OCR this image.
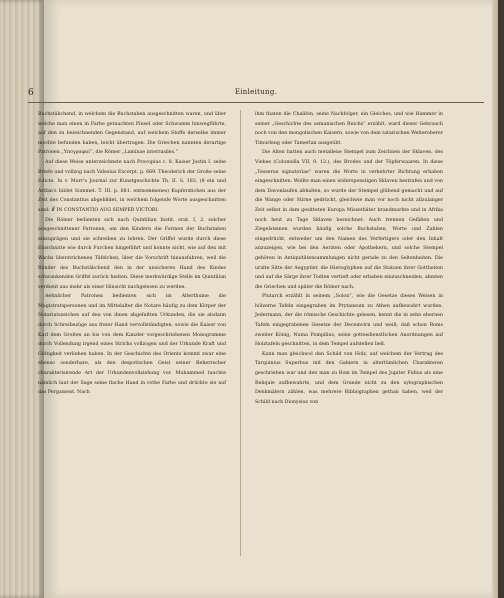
6	Einleitung.

Buchstäbchend, in welchem die Buchstaben ausgeschnitten waren, und über welche man einen in Farbe getauchten Pinsel oder Schwamm hinwegführte, auf den zu bezeichnenden Gegenstand, auf welchem Stoffe derselbe immer mochte befunden haben, leicht übertragen. Die Griechen nannten derartige Patronen „Υπογραφαί“, die Römer „Laminae interrasiles.“

Auf diese Weise unterzeichnete nach Procopius c. 8. Kaiser Justin I. seine Briefe und vollzog nach Valesius Excerpt. p. 669. Theoderich der Große seine Edicte. In v. Murr's Journal zur Kunstgeschichte Th. II. S. 183. (8 ein und Arifan's bildet Sommet. T. III. p. 681. entnommenes) Kupferstichen aus der Zeit des Constantius abgebildet, in welchem folgende Worte ausgeschnitten sind: ☧ IN CONSTANTIO AUG SEMPER VICTORI.

Die Römer bedienten sich nach Quintilian Instit. orat. I, 2. solcher ausgeschnittener Patronen, um den Kindern die Formen der Buchstaben einzuprägen und sie schreiben zu lehren. Der Griffel wurde durch diese Einschnitte wie durch Furchen hingeführt und konnte nicht, wie auf den mit Wachs überstrichenen Täfelchen, über die Vorschrift hinausfahren, weil die Ränder des Buchstäbchend den in der unsicheren Hand des Kindes schwankenden Griffel zurück hielten. Diese merkwürdige Stelle im Quintilian verdient aus mehr als einer Hinsicht nachgelesen zu werden.

Aehnlicher Patronen bedienten sich im Alterthume die Magistratspersonen und im Mittelalter die Notare häufig zu dem Körper der Notariatszeichen auf den von ihnen abgefaßten Urkunden, die sie alsdann durch Schreibezüge aus freier Hand vervollständigten, sowie die Kaiser von Karl dem Großen an bis von dem Kanzler vorgeschriebenen Monogramme durch Vollendung irgend eines Strichs vollzogen und der Urkunde Kraft und Gültigkeit verliehen haben. In der Geschichte des Orients kommt zwar eine ebenso sonderbare, als den despotischen Geist seiner Beherrscher charakterisirende Art der Urkundenvollziehung vor. Muhammed tauchte nämlich laut der Sage seine flache Hand in rothe Farbe und drückte sie auf das Pergament. Nach

ihm thaten die Chalifen, seine Nachfolger, ein Gleiches, und wie Hammer in seiner „Geschichte des osmanischen Reichs“ erzählt, ward dieser Gebrauch noch von den mongolischen Kaisern, sowie von dem tatarischen Welteroberer Timurleng oder Tamerlan ausgeübt.

Die Alten hatten auch metallene Stempel zum Zeichnen der Sklaven, des Viehes (Columella VII, 9. 12.), des Brodes und der Töpferwaaren. In diese „Tesserae signatoriae“ waren die Worte in verkehrter Richtung erhaben eingeschnitten. Wollte man einen widerspenstigen Sklaven bestrafen und von dem Davonlaufen abhalten, so wurde der Stempel glühend gemacht und auf die Wange oder Stirne gedrückt, gleichwie man vor noch nicht allzulanger Zeit selbst in dem gesitteten Europa Missethäter brandmarkte und in Afrika noch heut zu Tage Sklaven bezeichnet. Auch trennen Gefäßen und Ziegelsteinen wurden häufig solche Buchstaben, Worte und Zahlen eingedrückt, entweder um den Namen des Verfertigers oder den Inhalt anzuzeigen, wie bei den Aerzten oder Apothekern, und solche Stempel gehören in Antiquitätensammlungen nicht gerade zu den Seltenheiten. Die uralte Sitte der Aegyptier, die Hieroglyphen auf die Statuen ihrer Gottheiten und auf die Särge ihrer Todten vertieft oder erhaben einzuschneiden, ahmten die Griechen und später die Römer nach.

Plutarch erzählt in seinem „Solon“, wie die Gesetze dieses Weisen in hölzerne Tafeln eingegraben im Prytaneum zu Athen aufbewahrt wurden. Jedermann, der die römische Geschichte gelesen, kennt die in zehn ehernen Tafeln eingegrabenen Gesetze der Decemvirn und weiß, daß schon Roms zweiter König, Numa Pompilius, seine gottesdienstlichen Anordnungen auf Holztafeln geschnitten, in dem Tempel aufstellen ließ.

Kann man gleichwol den Schild von Holz, auf welchem der Vertrag des Tarquinius Superbus mit den Gabiern in altertümlichen Charakteren geschrieben war und den man zu Rom im Tempel des Jupiter Fidius als eine Reliquie aufbewahrte, und dem Grunde nicht zu den xylographischen Denkmälern zählen, was mehrere Bibliographen gethan haben, weil der Schild nach Dionysius von
